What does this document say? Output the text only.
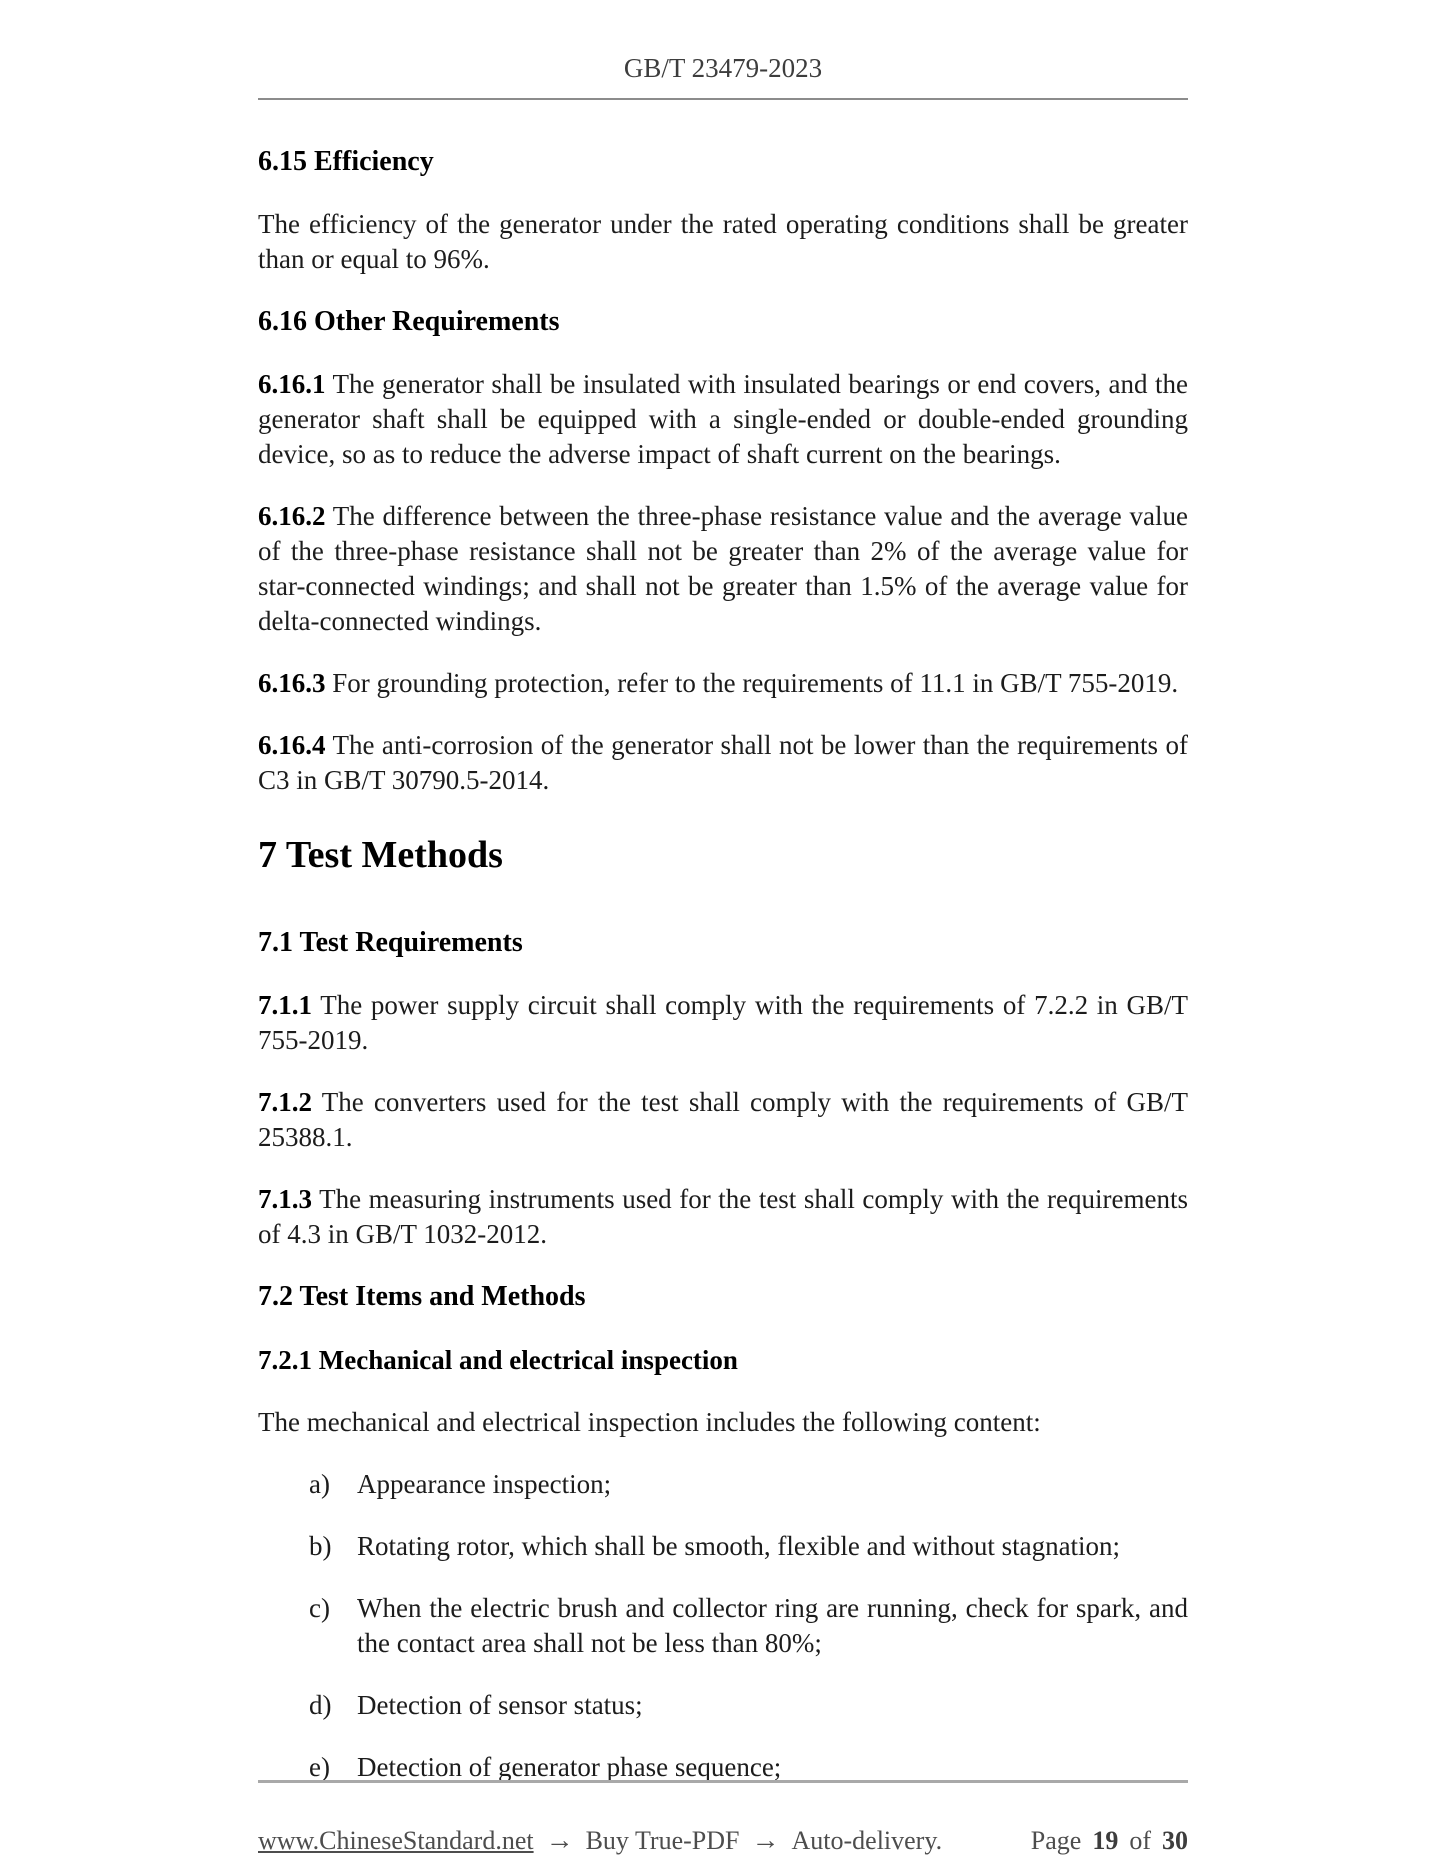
GB/T 23479-2023
6.15 Efficiency

The efficiency of the generator under the rated operating conditions shall be greater than or equal to 96%.

6.16 Other Requirements

6.16.1 The generator shall be insulated with insulated bearings or end covers, and the generator shaft shall be equipped with a single-ended or double-ended grounding device, so as to reduce the adverse impact of shaft current on the bearings.

6.16.2 The difference between the three-phase resistance value and the average value of the three-phase resistance shall not be greater than 2% of the average value for star-connected windings; and shall not be greater than 1.5% of the average value for delta-connected windings.

6.16.3 For grounding protection, refer to the requirements of 11.1 in GB/T 755-2019.

6.16.4 The anti-corrosion of the generator shall not be lower than the requirements of C3 in GB/T 30790.5-2014.

7 Test Methods
7.1 Test Requirements

7.1.1 The power supply circuit shall comply with the requirements of 7.2.2 in GB/T 755-2019.

7.1.2 The converters used for the test shall comply with the requirements of GB/T 25388.1.

7.1.3 The measuring instruments used for the test shall comply with the requirements of 4.3 in GB/T 1032-2012.

7.2 Test Items and Methods
7.2.1 Mechanical and electrical inspection

The mechanical and electrical inspection includes the following content:

a)	Appearance inspection;
b) Rotating rotor, which shall be smooth, flexible and without stagnation;
c)	When the electric brush and collector ring are running, check for spark, and the contact area shall not be less than 80%;
d) Detection of sensor status;
e)	Detection of generator phase sequence;
www.ChineseStandard.net → Buy True-PDF → Auto-delivery.	Page 19 of 30
